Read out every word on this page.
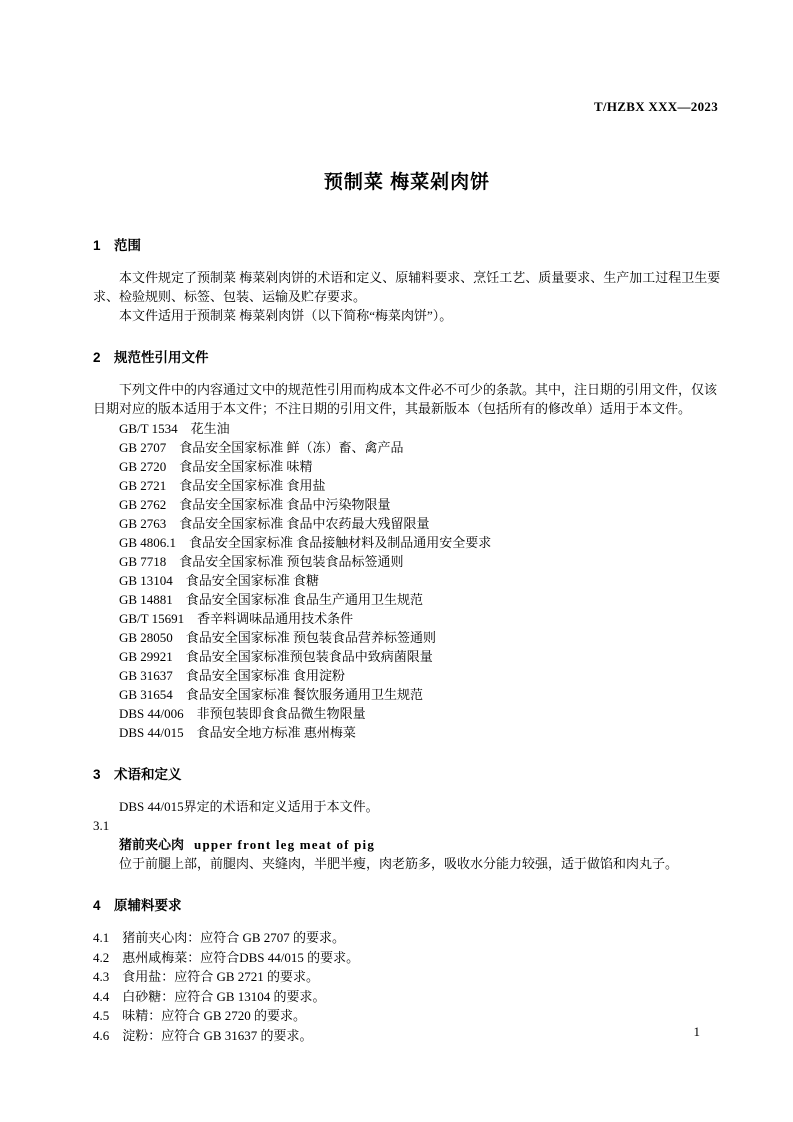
T/HZBX XXX—2023
预制菜 梅菜剁肉饼
1　范围

本文件规定了预制菜 梅菜剁肉饼的术语和定义、原辅料要求、烹饪工艺、质量要求、生产加工过程卫生要求、检验规则、标签、包装、运输及贮存要求。

本文件适用于预制菜 梅菜剁肉饼（以下简称“梅菜肉饼”）。

2　规范性引用文件

下列文件中的内容通过文中的规范性引用而构成本文件必不可少的条款。其中，注日期的引用文件，仅该日期对应的版本适用于本文件；不注日期的引用文件，其最新版本（包括所有的修改单）适用于本文件。

GB/T 1534　花生油
GB 2707　食品安全国家标准 鲜（冻）畜、禽产品
GB 2720　食品安全国家标准 味精
GB 2721　食品安全国家标准 食用盐
GB 2762　食品安全国家标准 食品中污染物限量
GB 2763　食品安全国家标准 食品中农药最大残留限量
GB 4806.1　食品安全国家标准 食品接触材料及制品通用安全要求
GB 7718　食品安全国家标准 预包装食品标签通则
GB 13104　食品安全国家标准 食糖
GB 14881　食品安全国家标准 食品生产通用卫生规范
GB/T 15691　香辛料调味品通用技术条件
GB 28050　食品安全国家标准 预包装食品营养标签通则
GB 29921　食品安全国家标准预包装食品中致病菌限量
GB 31637　食品安全国家标准 食用淀粉
GB 31654　食品安全国家标准 餐饮服务通用卫生规范
DBS 44/006　非预包装即食食品微生物限量
DBS 44/015　食品安全地方标准 惠州梅菜
3　术语和定义

DBS 44/015界定的术语和定义适用于本文件。

3.1

猪前夹心肉 upper front leg meat of pig
位于前腿上部，前腿肉、夹缝肉，半肥半瘦，肉老筋多，吸收水分能力较强，适于做馅和肉丸子。
4　原辅料要求

4.1　猪前夹心肉：应符合 GB 2707 的要求。

4.2　惠州咸梅菜：应符合DBS 44/015 的要求。

4.3　食用盐：应符合 GB 2721 的要求。

4.4　白砂糖：应符合 GB 13104 的要求。

4.5　味精：应符合 GB 2720 的要求。

4.6　淀粉：应符合 GB 31637 的要求。	1
